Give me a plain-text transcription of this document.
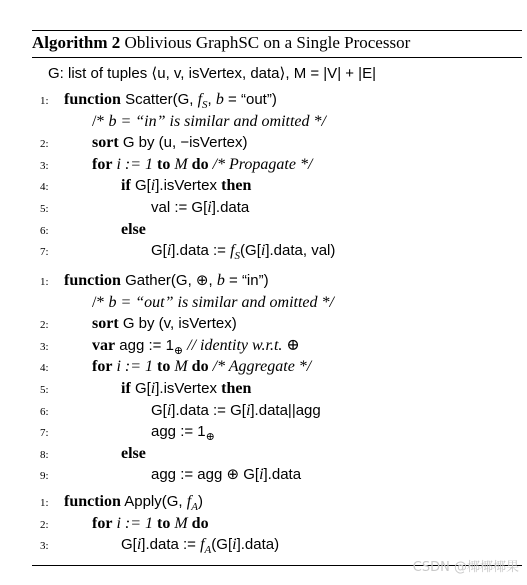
Algorithm 2 Oblivious GraphSC on a Single Processor
G: list of tuples ⟨u, v, isVertex, data⟩, M = |V| + |E|
1: function Scatter(G, $f_S$, b = “out”)
/* b = “in” is similar and omitted */
2:	sort G by (u, −isVertex)
3:	for i := 1 to M do /* Propagate */
4:	if G[i].isVertex then
5:	val := G[i].data
6:	else
7:	G[i].data := $f_S(G[i].data$, val)
1: function Gather(G, ⊕, b = “in”)
/* b = “out” is similar and omitted */
2:	sort G by (v, isVertex)
3:	var agg := $1_\oplus$ // identity w.r.t. ⊕
4:	for i := 1 to M do /* Aggregate */
5:	if G[i].isVertex then
6:	G[i].data := G[i].data||agg
7:	agg := $1_\oplus$
8:	else
9:	agg := agg ⊕ G[i].data
1: function Apply(G, $f_A$)
2:	for i := 1 to M do
3:	G[i].data := $f_A(G[i].data)$
CSDN @椰椰椰果
